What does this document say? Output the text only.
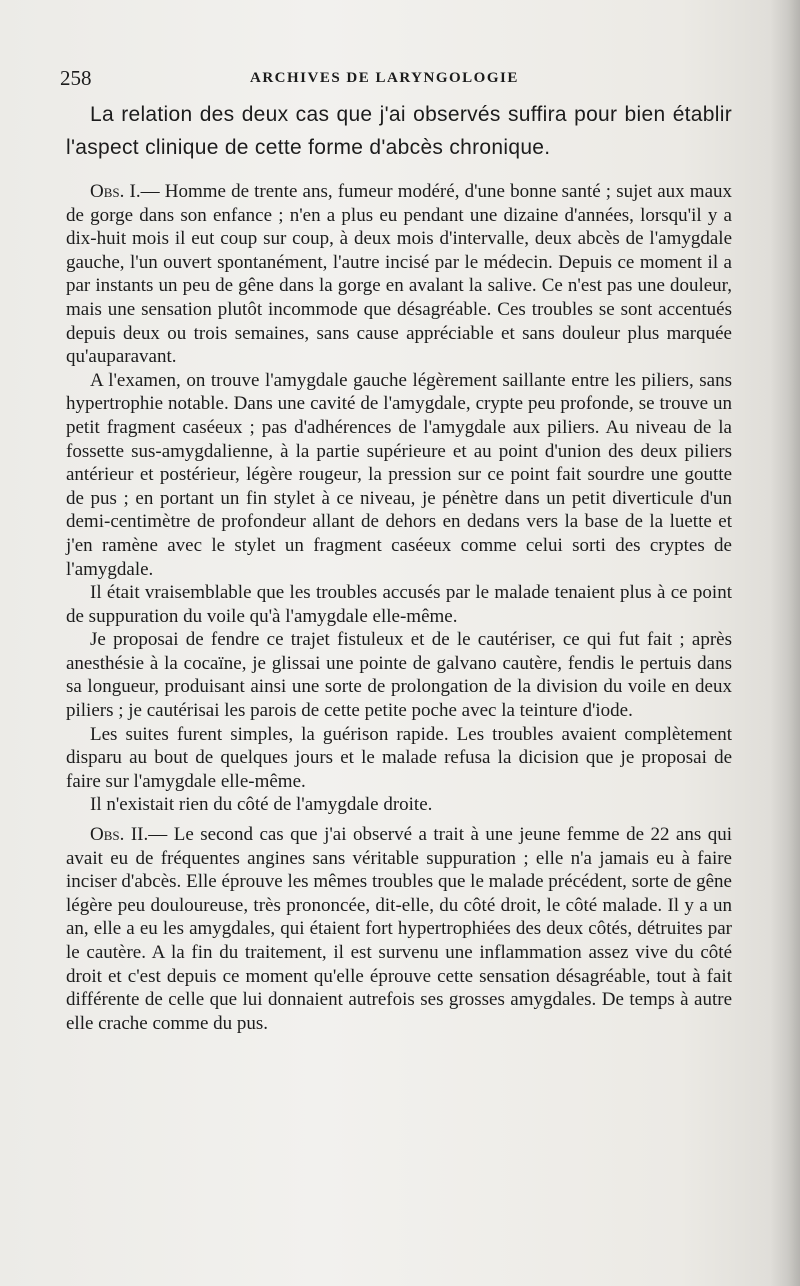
258	ARCHIVES DE LARYNGOLOGIE

La relation des deux cas que j'ai observés suffira pour bien établir l'aspect clinique de cette forme d'abcès chronique.

Obs. I.— Homme de trente ans, fumeur modéré, d'une bonne santé ; sujet aux maux de gorge dans son enfance ; n'en a plus eu pendant une dizaine d'années, lorsqu'il y a dix-huit mois il eut coup sur coup, à deux mois d'intervalle, deux abcès de l'amygdale gauche, l'un ouvert spontanément, l'autre incisé par le médecin. Depuis ce moment il a par instants un peu de gêne dans la gorge en avalant la salive. Ce n'est pas une douleur, mais une sensation plutôt incommode que désagréable. Ces troubles se sont accentués depuis deux ou trois semaines, sans cause appréciable et sans douleur plus marquée qu'auparavant.

A l'examen, on trouve l'amygdale gauche légèrement saillante entre les piliers, sans hypertrophie notable. Dans une cavité de l'amygdale, crypte peu profonde, se trouve un petit fragment caséeux ; pas d'adhérences de l'amygdale aux piliers. Au niveau de la fossette sus-amygdalienne, à la partie supérieure et au point d'union des deux piliers antérieur et postérieur, légère rougeur, la pression sur ce point fait sourdre une goutte de pus ; en portant un fin stylet à ce niveau, je pénètre dans un petit diverticule d'un demi-centimètre de profondeur allant de dehors en dedans vers la base de la luette et j'en ramène avec le stylet un fragment caséeux comme celui sorti des cryptes de l'amygdale.

Il était vraisemblable que les troubles accusés par le malade tenaient plus à ce point de suppuration du voile qu'à l'amygdale elle-même.

Je proposai de fendre ce trajet fistuleux et de le cautériser, ce qui fut fait ; après anesthésie à la cocaïne, je glissai une pointe de galvano cautère, fendis le pertuis dans sa longueur, produisant ainsi une sorte de prolongation de la division du voile en deux piliers ; je cautérisai les parois de cette petite poche avec la teinture d'iode.

Les suites furent simples, la guérison rapide. Les troubles avaient complètement disparu au bout de quelques jours et le malade refusa la dicision que je proposai de faire sur l'amygdale elle-même.

Il n'existait rien du côté de l'amygdale droite.

Obs. II.— Le second cas que j'ai observé a trait à une jeune femme de 22 ans qui avait eu de fréquentes angines sans véritable suppuration ; elle n'a jamais eu à faire inciser d'abcès. Elle éprouve les mêmes troubles que le malade précédent, sorte de gêne légère peu douloureuse, très prononcée, dit-elle, du côté droit, le côté malade. Il y a un an, elle a eu les amygdales, qui étaient fort hypertrophiées des deux côtés, détruites par le cautère. A la fin du traitement, il est survenu une inflammation assez vive du côté droit et c'est depuis ce moment qu'elle éprouve cette sensation désagréable, tout à fait différente de celle que lui donnaient autrefois ses grosses amygdales. De temps à autre elle crache comme du pus.
